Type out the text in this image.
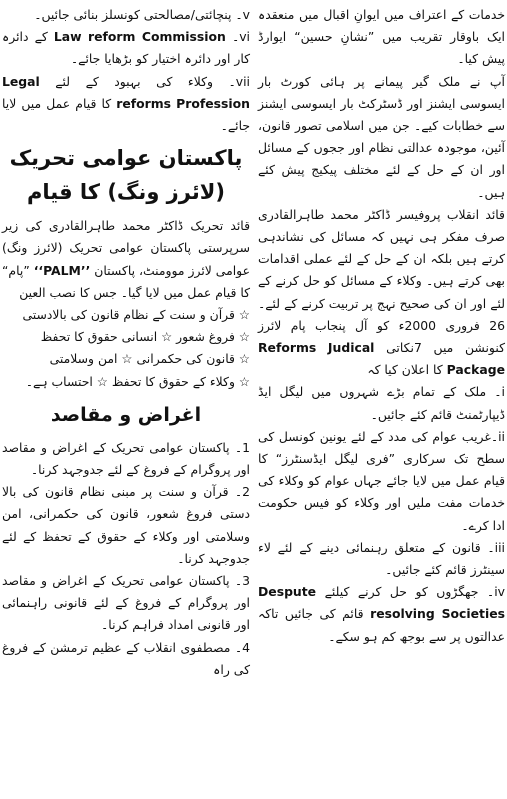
خدمات کے اعتراف میں ایوانِ اقبال میں منعقدہ ایک باوقار تقریب میں ”نشانِ حسین“ ایوارڈ پیش کیا۔

آپ نے ملک گیر پیمانے پر ہائی کورٹ بار ایسوسی ایشنز اور ڈسٹرکٹ بار ایسوسی ایشنز سے خطابات کیے۔ جن میں اسلامی تصور قانون، آئین، موجودہ عدالتی نظام اور ججوں کے مسائل اور ان کے حل کے لئے مختلف پیکیج پیش کئے ہیں۔

قائد انقلاب پروفیسر ڈاکٹر محمد طاہرالقادری صرف مفکر ہی نہیں کہ مسائل کی نشاندہی کرتے ہیں بلکہ ان کے حل کے لئے عملی اقدامات بھی کرتے ہیں۔ وکلاء کے مسائل کو حل کرنے کے لئے اور ان کی صحیح نہج پر تربیت کرنے کے لئے۔ 26 فروری 2000ء کو آل پنجاب پام لائرز کنونشن میں 7نکاتی Judical Reforms Package کا اعلان کیا کہ

i۔ ملک کے تمام بڑے شہروں میں لیگل ایڈ ڈیپارٹمنٹ قائم کئے جائیں۔

ii۔غریب عوام کی مدد کے لئے یونین کونسل کی سطح تک سرکاری ”فری لیگل ایڈسنٹرز“ کا قیام عمل میں لایا جائے جہاں عوام کو وکلاء کی خدمات مفت ملیں اور وکلاء کو فیس حکومت ادا کرے۔

iii۔ قانون کے متعلق رہنمائی دینے کے لئے لاء سینٹرز قائم کئے جائیں۔

iv۔ جھگڑوں کو حل کرنے کیلئے Despute resolving Societies قائم کی جائیں تاکہ عدالتوں پر سے بوجھ کم ہو سکے۔

v۔ پنچائتی/مصالحتی کونسلز بنائی جائیں۔

vi۔ Law reform Commission کے دائرہ کار اور دائرہ اختیار کو بڑھایا جائے۔

vii۔ وکلاء کی بہبود کے لئے Legal Profession reforms کا قیام عمل میں لایا جائے۔

پاکستان عوامی تحریک (لائرز ونگ) کا قیام

قائد تحریک ڈاکٹر محمد طاہرالقادری کی زیر سرپرستی پاکستان عوامی تحریک (لائرز ونگ) عوامی لائرز موومنٹ، پاکستان ’’PALM‘‘ ”پام“ کا قیام عمل میں لایا گیا۔ جس کا نصب العین

☆ قرآن و سنت کے نظام قانون کی بالادستی

☆ فروغ شعور ☆ انسانی حقوق کا تحفظ

☆ قانون کی حکمرانی ☆ امن وسلامتی

☆ وکلاء کے حقوق کا تحفظ ☆ احتساب ہے۔

اغراض و مقاصد

1۔ پاکستان عوامی تحریک کے اغراض و مقاصد اور پروگرام کے فروغ کے لئے جدوجہد کرنا۔

2۔ قرآن و سنت پر مبنی نظام قانون کی بالا دستی فروغ شعور، قانون کی حکمرانی، امن وسلامتی اور وکلاء کے حقوق کے تحفظ کے لئے جدوجہد کرنا۔

3۔ پاکستان عوامی تحریک کے اغراض و مقاصد اور پروگرام کے فروغ کے لئے قانونی راہنمائی اور قانونی امداد فراہم کرنا۔

4۔ مصطفوی انقلاب کے عظیم ترمشن کے فروغ کی راہ
